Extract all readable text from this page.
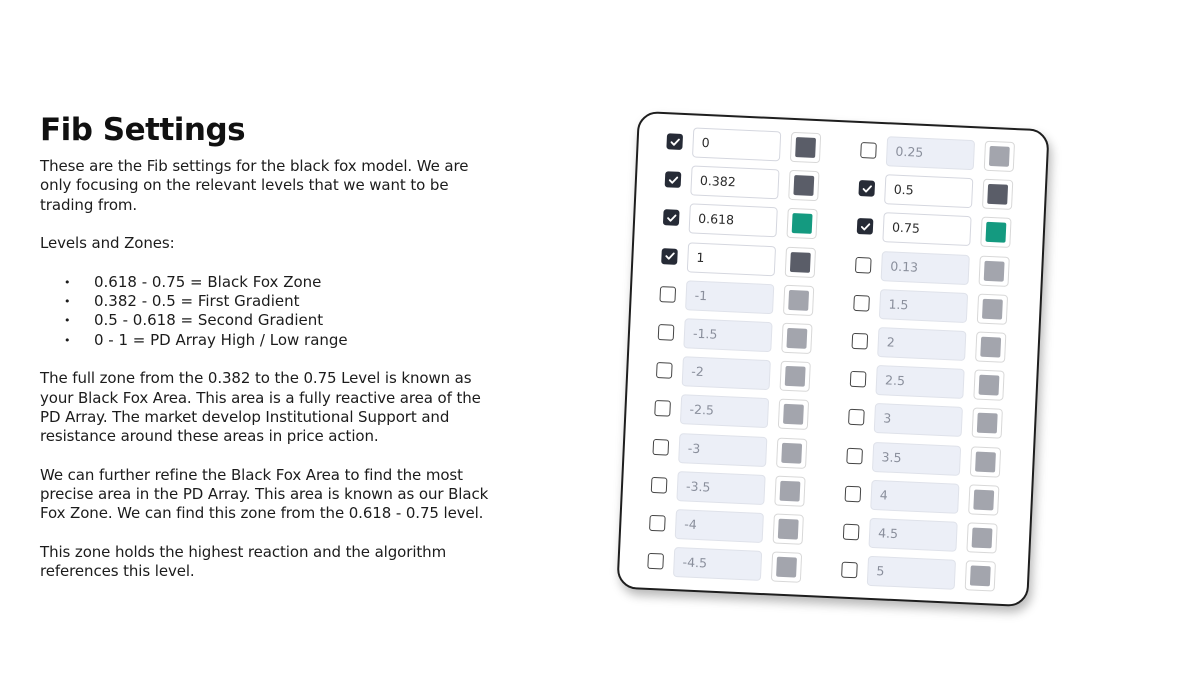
Fib Settings

These are the Fib settings for the black fox model. We are only focusing on the relevant levels that we want to be trading from.

Levels and Zones:

• 0.618 - 0.75 = Black Fox Zone
• 0.382 - 0.5 = First Gradient
• 0.5 - 0.618 = Second Gradient
• 0 - 1 = PD Array High / Low range

The full zone from the 0.382 to the 0.75 Level is known as your Black Fox Area. This area is a fully reactive area of the PD Array. The market develop Institutional Support and resistance around these areas in price action.

We can further refine the Black Fox Area to find the most precise area in the PD Array. This area is known as our Black Fox Zone. We can find this zone from the 0.618 - 0.75 level.

This zone holds the highest reaction and the algorithm references this level.

0
0.382
0.618
1
-1
-1.5
-2
-2.5
-3
-3.5
-4
-4.5
0.25
0.5
0.75
0.13
1.5
2
2.5
3
3.5
4
4.5
5
